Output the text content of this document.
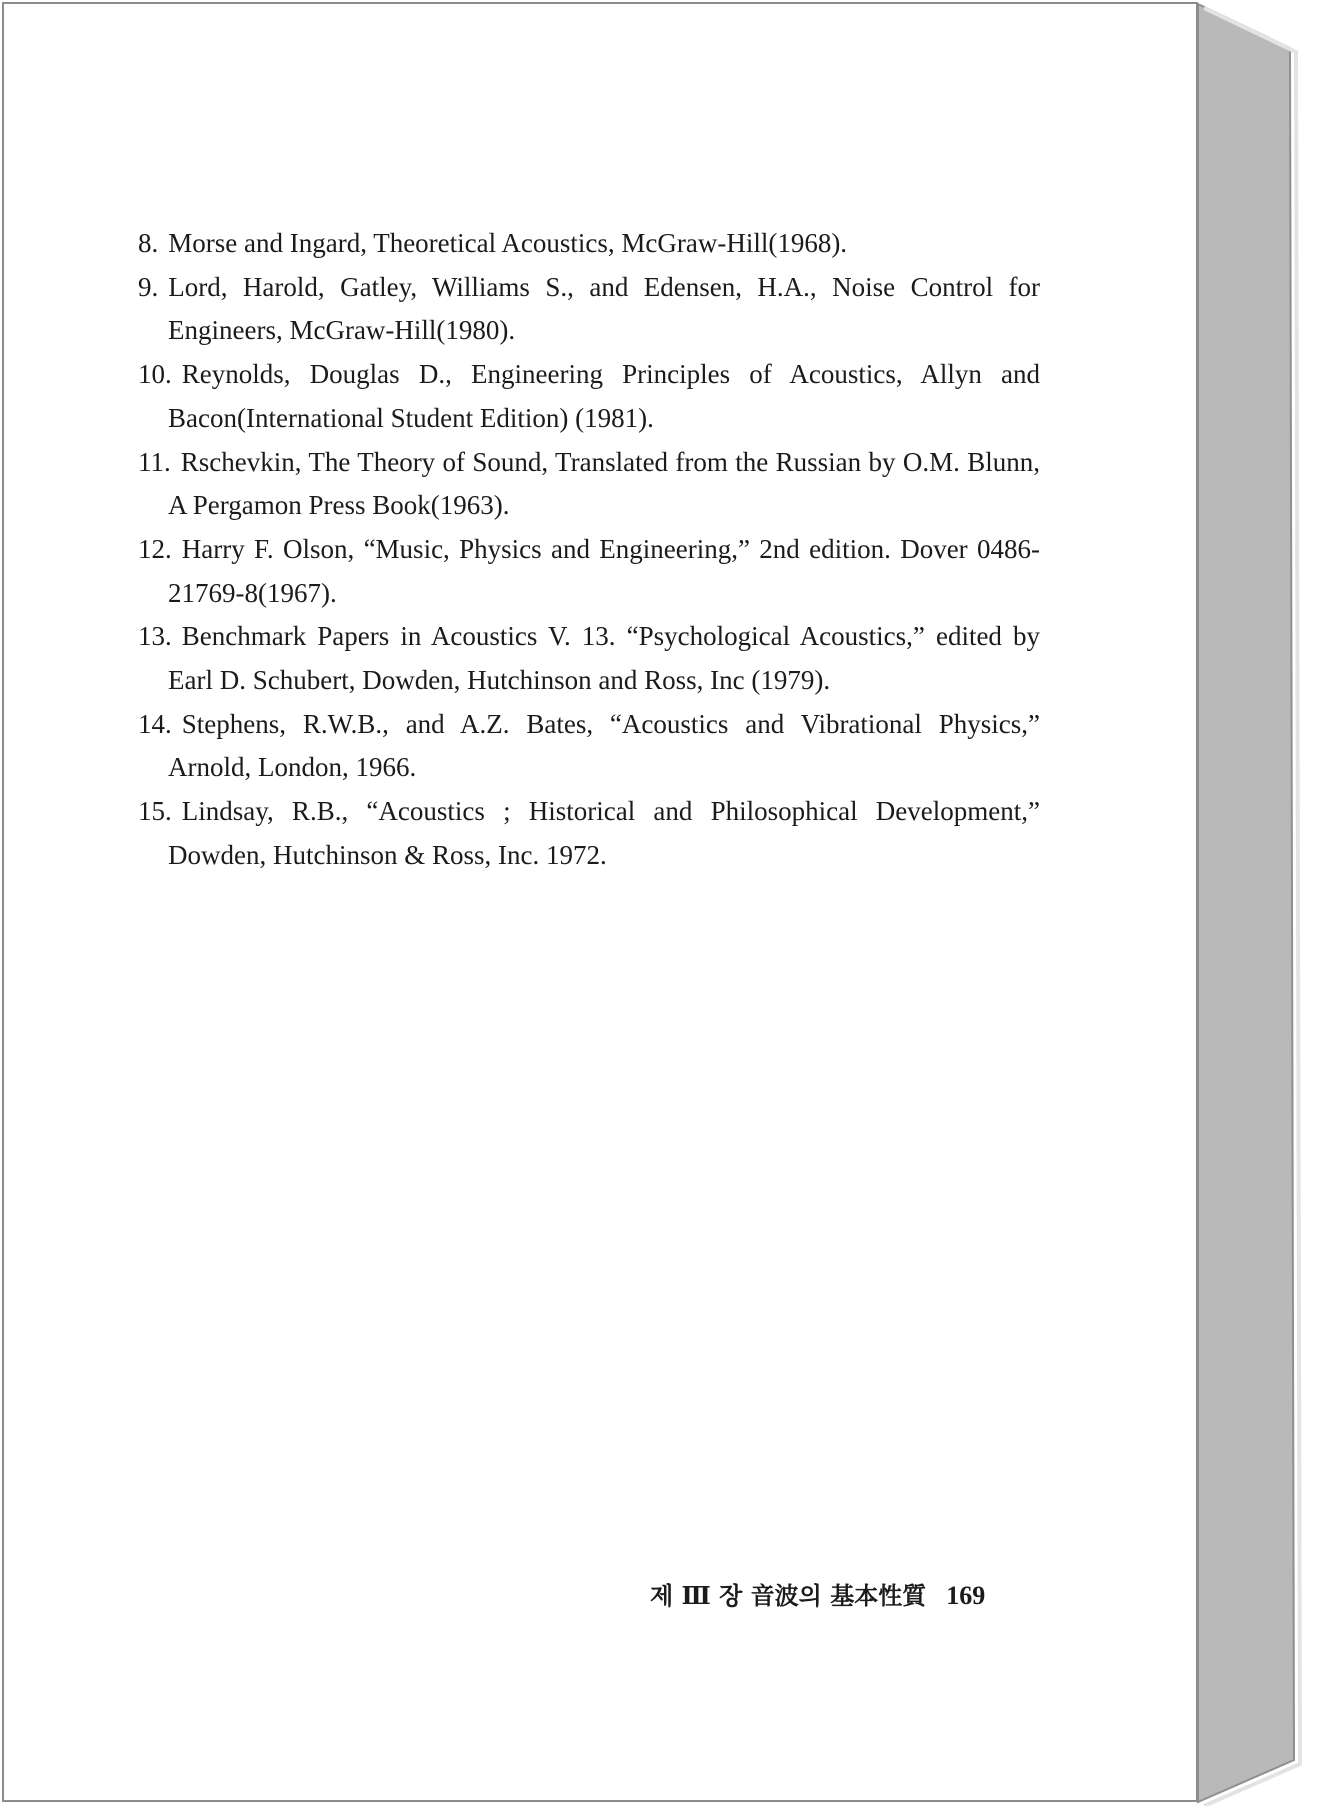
8. Morse and Ingard, Theoretical Acoustics, McGraw-Hill(1968).
9. Lord, Harold, Gatley, Williams S., and Edensen, H.A., Noise Control for Engineers, McGraw-Hill(1980).
10. Reynolds, Douglas D., Engineering Principles of Acoustics, Allyn and Bacon(International Student Edition) (1981).
11. Rschevkin, The Theory of Sound, Translated from the Russian by O.M. Blunn, A Pergamon Press Book(1963).
12. Harry F. Olson, “Music, Physics and Engineering,” 2nd edition. Dover 0486-21769-8(1967).
13. Benchmark Papers in Acoustics V. 13. “Psychological Acoustics,” edited by Earl D. Schubert, Dowden, Hutchinson and Ross, Inc (1979).
14. Stephens, R.W.B., and A.Z. Bates, “Acoustics and Vibrational Physics,” Arnold, London, 1966.
15. Lindsay, R.B., “Acoustics ; Historical and Philosophical Development,” Dowden, Hutchinson & Ross, Inc. 1972.
제 Ⅲ 장 音波의 基本性質 169
